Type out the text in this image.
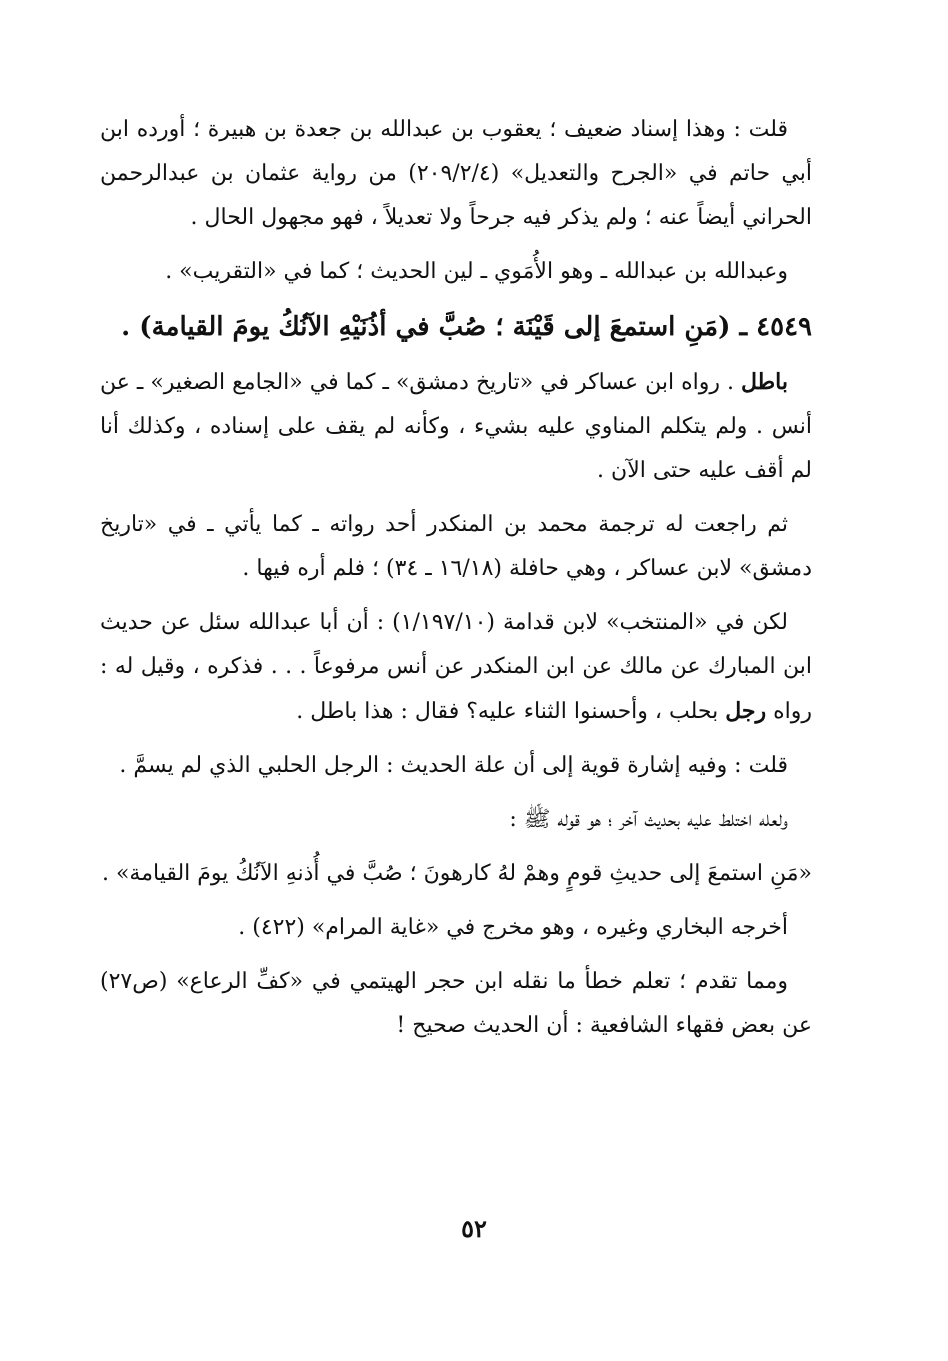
قلت : وهذا إسناد ضعيف ؛ يعقوب بن عبدالله بن جعدة بن هبيرة ؛ أورده ابن أبي حاتم في «الجرح والتعديل» (٢٠٩/٢/٤) من رواية عثمان بن عبدالرحمن الحراني أيضاً عنه ؛ ولم يذكر فيه جرحاً ولا تعديلاً ، فهو مجهول الحال .

وعبدالله بن عبدالله ـ وهو الأُمَوي ـ لين الحديث ؛ كما في «التقريب» .

٤٥٤٩ ـ (مَنِ استمعَ إلى قَيْنَة ؛ صُبَّ في أذُنَيْهِ الآنُكُ يومَ القيامة) .

باطل . رواه ابن عساكر في «تاريخ دمشق» ـ كما في «الجامع الصغير» ـ عن أنس . ولم يتكلم المناوي عليه بشيء ، وكأنه لم يقف على إسناده ، وكذلك أنا لم أقف عليه حتى الآن .

ثم راجعت له ترجمة محمد بن المنكدر أحد رواته ـ كما يأتي ـ في «تاريخ دمشق» لابن عساكر ، وهي حافلة (١٦/١٨ ـ ٣٤) ؛ فلم أره فيها .

لكن في «المنتخب» لابن قدامة (١/١٩٧/١٠) : أن أبا عبدالله سئل عن حديث ابن المبارك عن مالك عن ابن المنكدر عن أنس مرفوعاً . . . فذكره ، وقيل له : رواه رجل بحلب ، وأحسنوا الثناء عليه؟ فقال : هذا باطل .

قلت : وفيه إشارة قوية إلى أن علة الحديث : الرجل الحلبي الذي لم يسمَّ .

ولعله اختلط عليه بحديث آخر ؛ هو قوله ﷺ :

«مَنِ استمعَ إلى حديثِ قومٍ وهمْ لهُ كارهونَ ؛ صُبَّ في أُذنهِ الآنُكُ يومَ القيامة» .

أخرجه البخاري وغيره ، وهو مخرج في «غاية المرام» (٤٢٢) .

ومما تقدم ؛ تعلم خطأ ما نقله ابن حجر الهيتمي في «كفِّ الرعاع» (ص٢٧) عن بعض فقهاء الشافعية : أن الحديث صحيح !

٥٢
